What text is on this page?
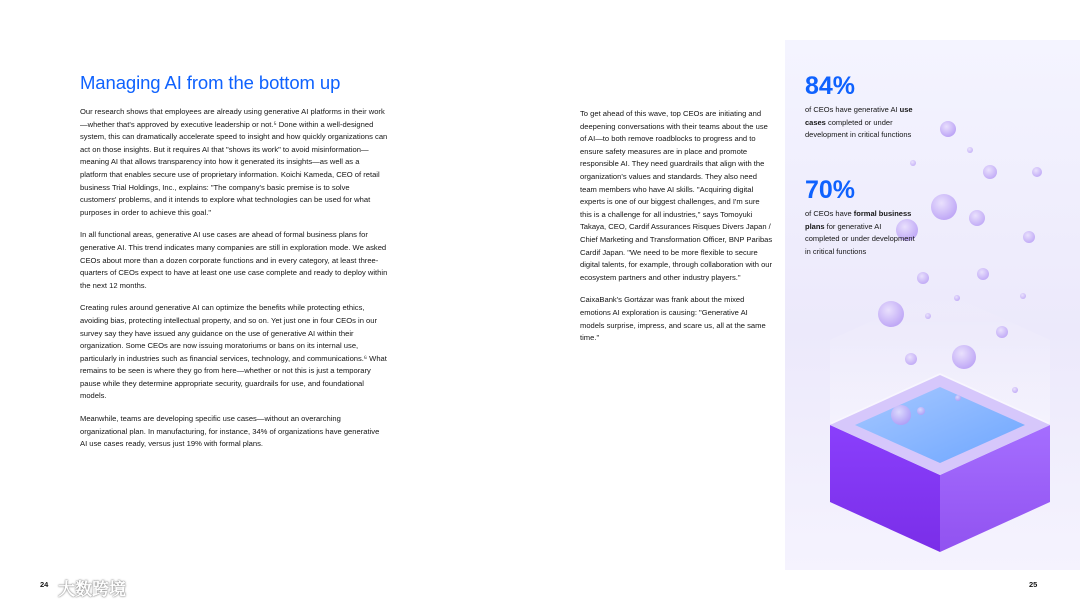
Managing AI from the bottom up

Our research shows that employees are already using generative AI platforms in their work—whether that's approved by executive leadership or not.⁵ Done within a well-designed system, this can dramatically accelerate speed to insight and how quickly organizations can act on those insights. But it requires AI that "shows its work" to avoid misinformation—meaning AI that allows transparency into how it generated its insights—as well as a platform that enables secure use of proprietary information. Koichi Kameda, CEO of retail business Trial Holdings, Inc., explains: "The company's basic premise is to solve customers' problems, and it intends to explore what technologies can be used for what purposes in order to achieve this goal."

In all functional areas, generative AI use cases are ahead of formal business plans for generative AI. This trend indicates many companies are still in exploration mode. We asked CEOs about more than a dozen corporate functions and in every category, at least three-quarters of CEOs expect to have at least one use case complete and ready to deploy within the next 12 months.

Creating rules around generative AI can optimize the benefits while protecting ethics, avoiding bias, protecting intellectual property, and so on. Yet just one in four CEOs in our survey say they have issued any guidance on the use of generative AI within their organization. Some CEOs are now issuing moratoriums or bans on its internal use, particularly in industries such as financial services, technology, and communications.⁶ What remains to be seen is where they go from here—whether or not this is just a temporary pause while they determine appropriate security, guardrails for use, and foundational models.

Meanwhile, teams are developing specific use cases—without an overarching organizational plan. In manufacturing, for instance, 34% of organizations have generative AI use cases ready, versus just 19% with formal plans.

24

To get ahead of this wave, top CEOs are initiating and deepening conversations with their teams about the use of AI—to both remove roadblocks to progress and to ensure safety measures are in place and promote responsible AI. They need guardrails that align with the organization's values and standards. They also need team members who have AI skills. "Acquiring digital experts is one of our biggest challenges, and I'm sure this is a challenge for all industries," says Tomoyuki Takaya, CEO, Cardif Assurances Risques Divers Japan / Chief Marketing and Transformation Officer, BNP Paribas Cardif Japan. "We need to be more flexible to secure digital talents, for example, through collaboration with our ecosystem partners and other industry players."

CaixaBank's Gortázar was frank about the mixed emotions AI exploration is causing: "Generative AI models surprise, impress, and scare us, all at the same time."

25
84%
of CEOs have generative AI use cases completed or under development in critical functions
70%
of CEOs have formal business plans for generative AI completed or under development in critical functions
大数跨境
